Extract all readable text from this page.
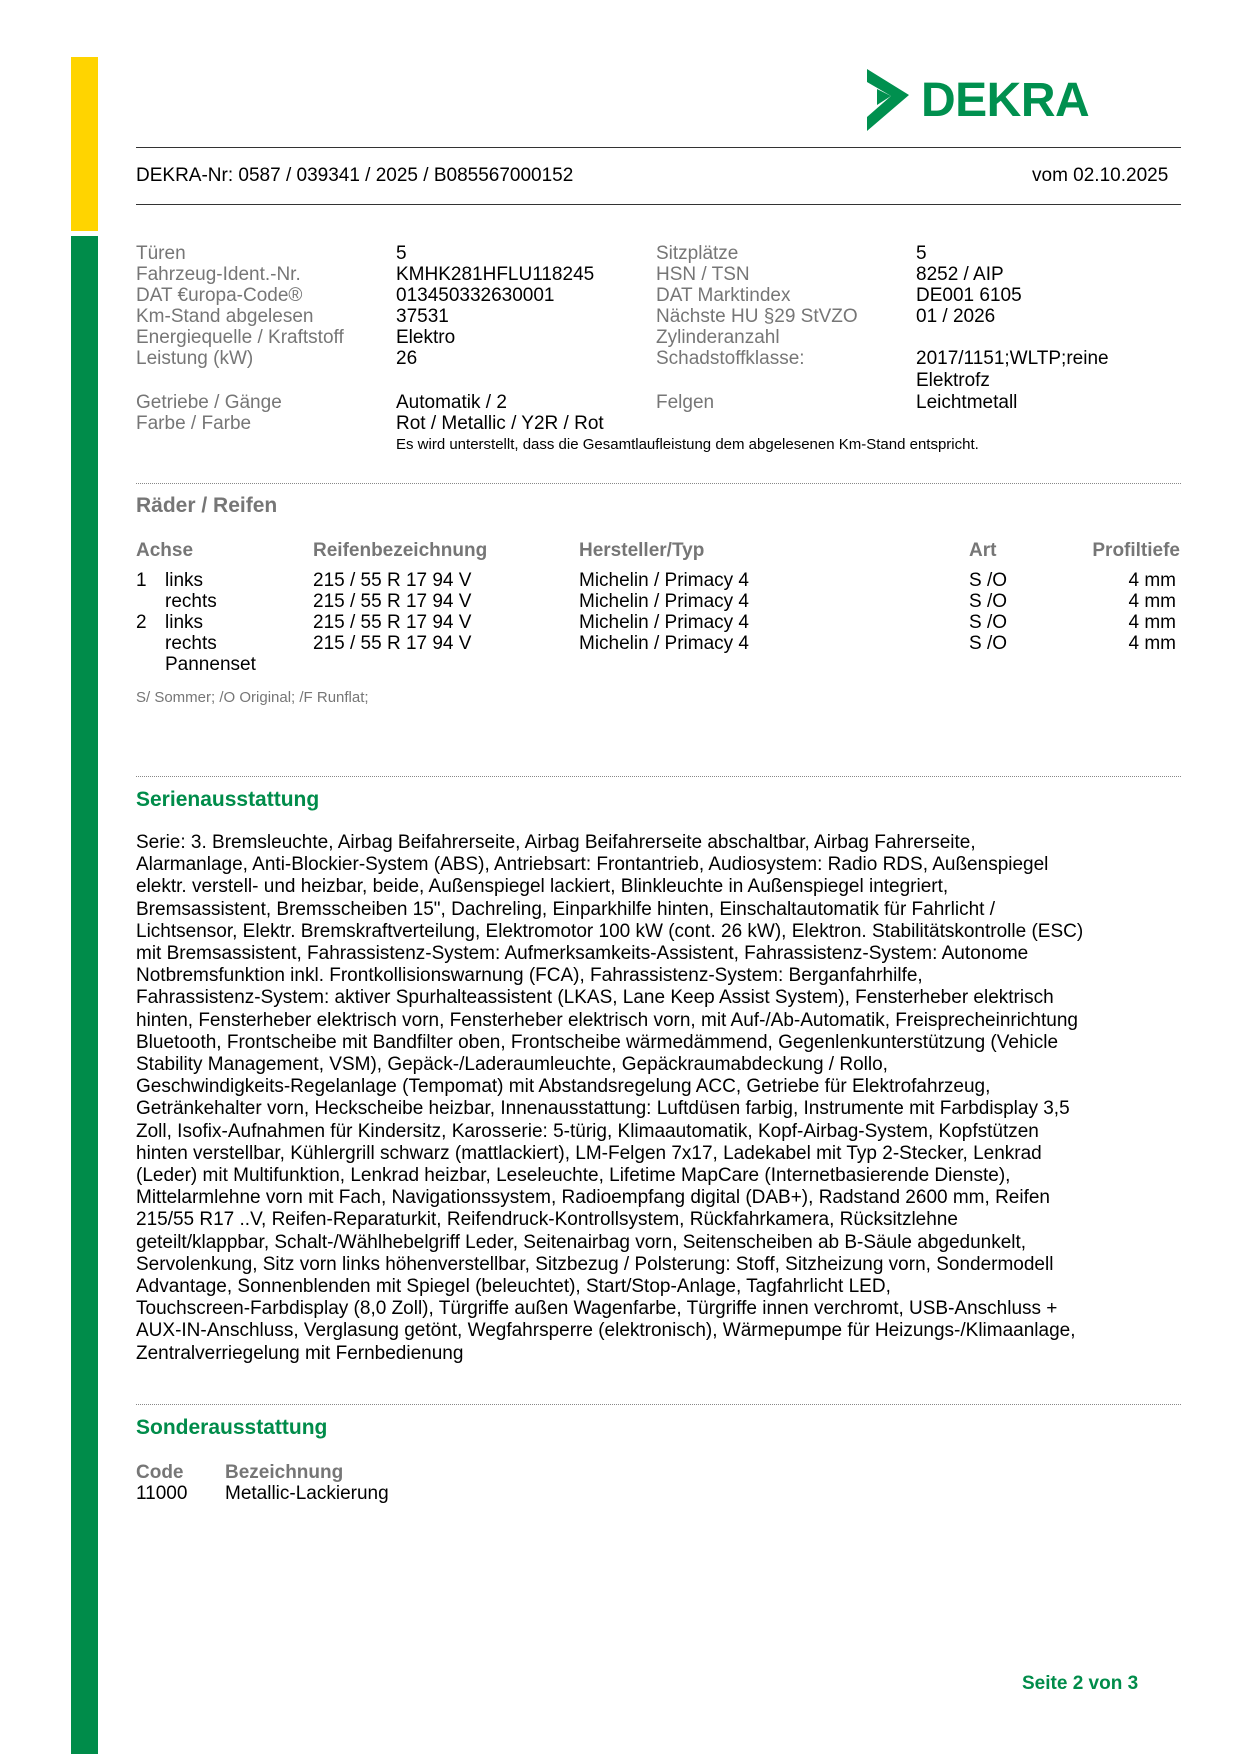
DEKRA
DEKRA-Nr: 0587 / 039341 / 2025 / B085567000152	vom 02.10.2025
Türen	5
Fahrzeug-Ident.-Nr.	KMHK281HFLU118245
DAT €uropa-Code®	013450332630001
Km-Stand abgelesen	37531
Energiequelle / Kraftstoff	Elektro
Leistung (kW)	26
Getriebe / Gänge	Automatik / 2
Farbe / Farbe	Rot / Metallic / Y2R / Rot
Sitzplätze	5
HSN / TSN	8252 / AIP
DAT Marktindex	DE001 6105
Nächste HU §29 StVZO	01 / 2026
Zylinderanzahl
Schadstoffklasse:	2017/1151;WLTP;reine
Elektrofz
Felgen	Leichtmetall
Es wird unterstellt, dass die Gesamtlaufleistung dem abgelesenen Km-Stand entspricht.
Räder / Reifen
Achse	Reifenbezeichnung	Hersteller/Typ	Art	Profiltiefe
1 links	215 / 55 R 17 94 V	Michelin / Primacy 4	S /O	4 mm
rechts	215 / 55 R 17 94 V	Michelin / Primacy 4	S /O	4 mm
2 links	215 / 55 R 17 94 V	Michelin / Primacy 4	S /O	4 mm
rechts	215 / 55 R 17 94 V	Michelin / Primacy 4	S /O	4 mm
Pannenset
S/ Sommer; /O Original; /F Runflat;
Serienausstattung
Serie: 3. Bremsleuchte, Airbag Beifahrerseite, Airbag Beifahrerseite abschaltbar, Airbag Fahrerseite,
Alarmanlage, Anti-Blockier-System (ABS), Antriebsart: Frontantrieb, Audiosystem: Radio RDS, Außenspiegel
elektr. verstell- und heizbar, beide, Außenspiegel lackiert, Blinkleuchte in Außenspiegel integriert,
Bremsassistent, Bremsscheiben 15", Dachreling, Einparkhilfe hinten, Einschaltautomatik für Fahrlicht /
Lichtsensor, Elektr. Bremskraftverteilung, Elektromotor 100 kW (cont. 26 kW), Elektron. Stabilitätskontrolle (ESC)
mit Bremsassistent, Fahrassistenz-System: Aufmerksamkeits-Assistent, Fahrassistenz-System: Autonome
Notbremsfunktion inkl. Frontkollisionswarnung (FCA), Fahrassistenz-System: Berganfahrhilfe,
Fahrassistenz-System: aktiver Spurhalteassistent (LKAS, Lane Keep Assist System), Fensterheber elektrisch
hinten, Fensterheber elektrisch vorn, Fensterheber elektrisch vorn, mit Auf-/Ab-Automatik, Freisprecheinrichtung
Bluetooth, Frontscheibe mit Bandfilter oben, Frontscheibe wärmedämmend, Gegenlenkunterstützung (Vehicle
Stability Management, VSM), Gepäck-/Laderaumleuchte, Gepäckraumabdeckung / Rollo,
Geschwindigkeits-Regelanlage (Tempomat) mit Abstandsregelung ACC, Getriebe für Elektrofahrzeug,
Getränkehalter vorn, Heckscheibe heizbar, Innenausstattung: Luftdüsen farbig, Instrumente mit Farbdisplay 3,5
Zoll, Isofix-Aufnahmen für Kindersitz, Karosserie: 5-türig, Klimaautomatik, Kopf-Airbag-System, Kopfstützen
hinten verstellbar, Kühlergrill schwarz (mattlackiert), LM-Felgen 7x17, Ladekabel mit Typ 2-Stecker, Lenkrad
(Leder) mit Multifunktion, Lenkrad heizbar, Leseleuchte, Lifetime MapCare (Internetbasierende Dienste),
Mittelarmlehne vorn mit Fach, Navigationssystem, Radioempfang digital (DAB+), Radstand 2600 mm, Reifen
215/55 R17 ..V, Reifen-Reparaturkit, Reifendruck-Kontrollsystem, Rückfahrkamera, Rücksitzlehne
geteilt/klappbar, Schalt-/Wählhebelgriff Leder, Seitenairbag vorn, Seitenscheiben ab B-Säule abgedunkelt,
Servolenkung, Sitz vorn links höhenverstellbar, Sitzbezug / Polsterung: Stoff, Sitzheizung vorn, Sondermodell
Advantage, Sonnenblenden mit Spiegel (beleuchtet), Start/Stop-Anlage, Tagfahrlicht LED,
Touchscreen-Farbdisplay (8,0 Zoll), Türgriffe außen Wagenfarbe, Türgriffe innen verchromt, USB-Anschluss +
AUX-IN-Anschluss, Verglasung getönt, Wegfahrsperre (elektronisch), Wärmepumpe für Heizungs-/Klimaanlage,
Zentralverriegelung mit Fernbedienung
Sonderausstattung
Code Bezeichnung
11000 Metallic-Lackierung
Seite 2 von 3
